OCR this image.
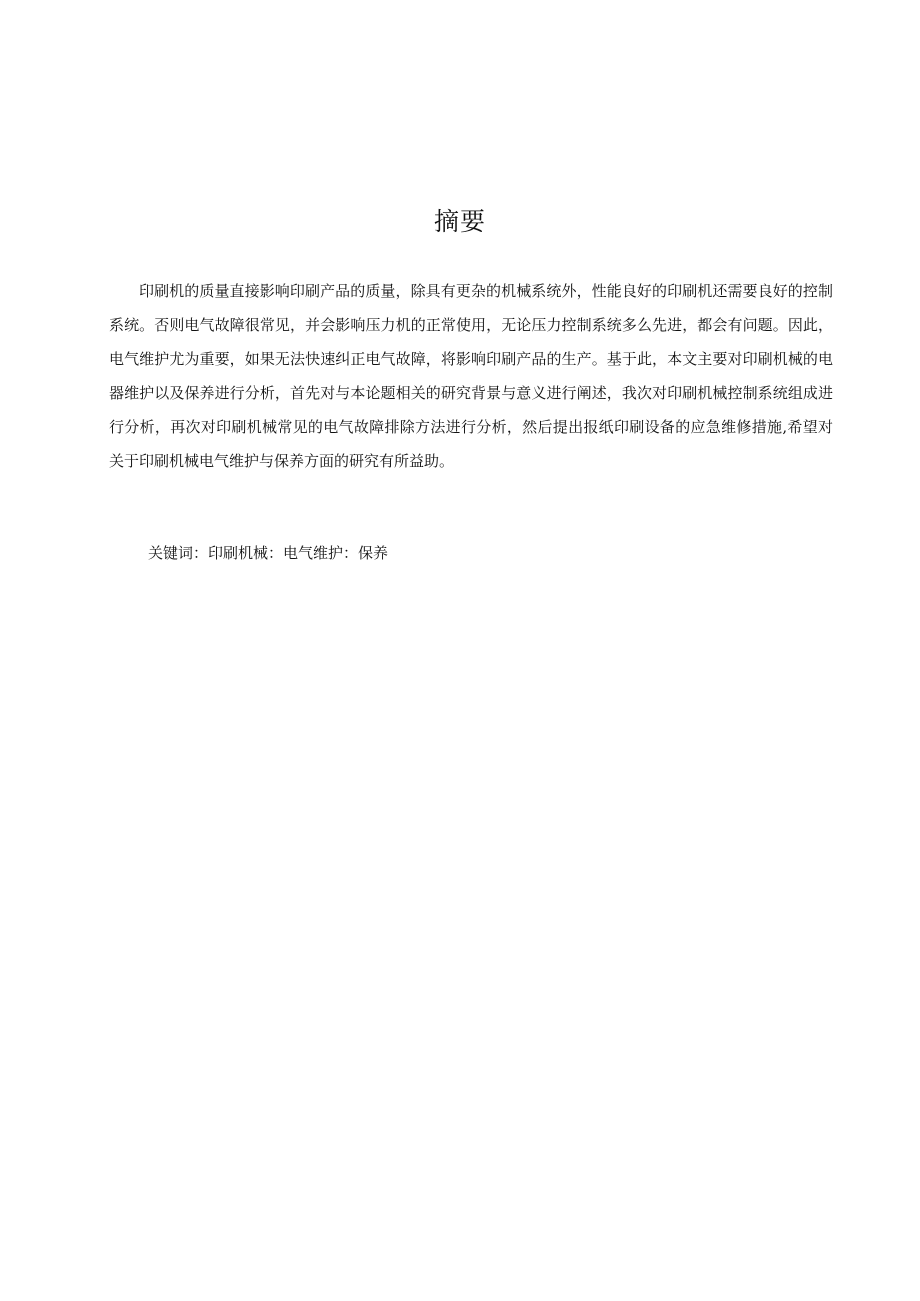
摘要

印刷机的质量直接影响印刷产品的质量，除具有更杂的机械系统外，性能良好的印刷机还需要良好的控制系统。否则电气故障很常见，并会影响压力机的正常使用，无论压力控制系统多么先进，都会有问题。因此，电气维护尤为重要，如果无法快速纠正电气故障，将影响印刷产品的生产。基于此，本文主要对印刷机械的电器维护以及保养进行分析，首先对与本论题相关的研究背景与意义进行阐述，我次对印刷机械控制系统组成进行分析，再次对印刷机械常见的电气故障排除方法进行分析，然后提出报纸印刷设备的应急维修措施,希望对关于印刷机械电气维护与保养方面的研究有所益助。

关键词：印刷机械：电气维护：保养
